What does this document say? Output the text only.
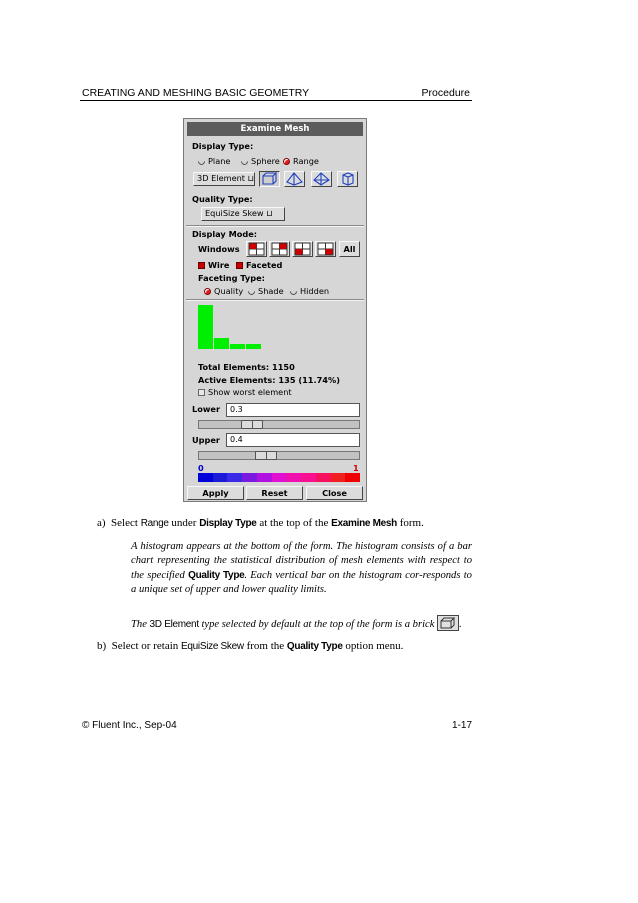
CREATING AND MESHING BASIC GEOMETRY	Procedure
Examine Mesh
Display Type:
Plane	Sphere	Range
3D Element ⊔
Quality Type:
EquiSize Skew ⊔
Display Mode:
Windows	All
Wire	Faceted
Faceting Type:
Quality	Shade	Hidden
Total Elements: 1150
Active Elements: 135 (11.74%)
Show worst element
Lower	0.3
Upper	0.4
0	1
Apply	Reset	Close
a) Select Range under Display Type at the top of the Examine Mesh form.
A histogram appears at the bottom of the form. The histogram consists of a bar chart representing the statistical distribution of mesh elements with respect to the specified Quality Type. Each vertical bar on the histogram cor-responds to a unique set of upper and lower quality limits.
The 3D Element type selected by default at the top of the form is a brick .
b) Select or retain EquiSize Skew from the Quality Type option menu.
© Fluent Inc., Sep-04	1-17
